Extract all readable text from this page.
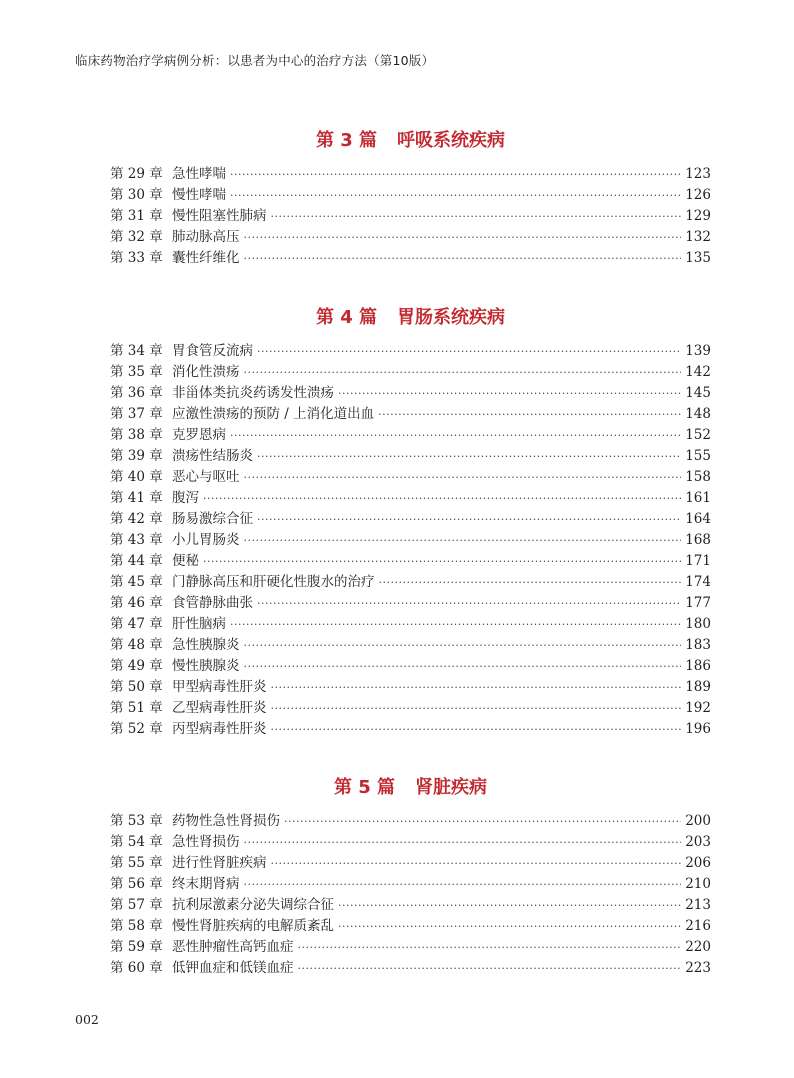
临床药物治疗学病例分析：以患者为中心的治疗方法（第10版）
第 3 篇 呼吸系统疾病
第 29 章 急性哮喘 ·····	123
第 30 章 慢性哮喘 ·····	126
第 31 章 慢性阻塞性肺病 ·····	129
第 32 章 肺动脉高压 ·····	132
第 33 章 囊性纤维化 ·····	135
第 4 篇 胃肠系统疾病
第 34 章 胃食管反流病 ·····	139
第 35 章 消化性溃疡 ·····	142
第 36 章 非甾体类抗炎药诱发性溃疡 ·····	145
第 37 章 应激性溃疡的预防 / 上消化道出血 ·····	148
第 38 章 克罗恩病 ·····	152
第 39 章 溃疡性结肠炎 ·····	155
第 40 章 恶心与呕吐 ·····	158
第 41 章 腹泻 ·····	161
第 42 章 肠易激综合征 ·····	164
第 43 章 小儿胃肠炎 ·····	168
第 44 章 便秘 ·····	171
第 45 章 门静脉高压和肝硬化性腹水的治疗 ·····	174
第 46 章 食管静脉曲张 ·····	177
第 47 章 肝性脑病 ·····	180
第 48 章 急性胰腺炎 ·····	183
第 49 章 慢性胰腺炎 ·····	186
第 50 章 甲型病毒性肝炎 ·····	189
第 51 章 乙型病毒性肝炎 ·····	192
第 52 章 丙型病毒性肝炎 ·····	196
第 5 篇 肾脏疾病
第 53 章 药物性急性肾损伤 ·····	200
第 54 章 急性肾损伤 ·····	203
第 55 章 进行性肾脏疾病 ·····	206
第 56 章 终末期肾病 ·····	210
第 57 章 抗利尿激素分泌失调综合征 ·····	213
第 58 章 慢性肾脏疾病的电解质紊乱 ·····	216
第 59 章 恶性肿瘤性高钙血症 ·····	220
第 60 章 低钾血症和低镁血症 ·····	223
002
